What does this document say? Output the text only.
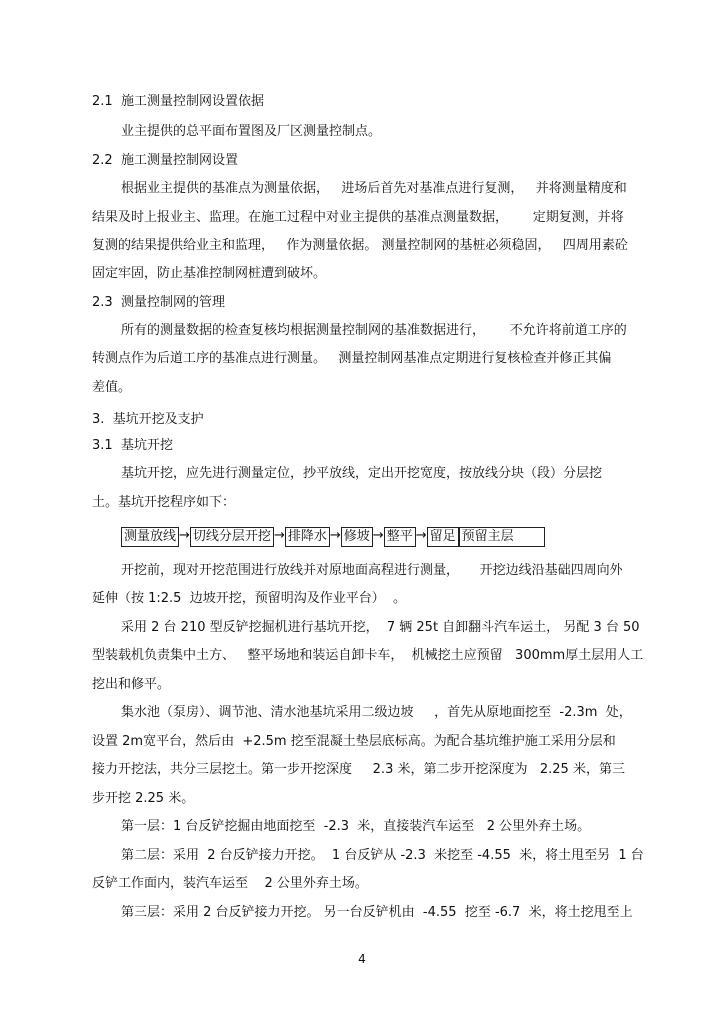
2.1  施工测量控制网设置依据
业主提供的总平面布置图及厂区测量控制点。
2.2  施工测量控制网设置
根据业主提供的基准点为测量依据，   进场后首先对基准点进行复测，   并将测量精度和
结果及时上报业主、监理。在施工过程中对业主提供的基准点测量数据，      定期复测，并将
复测的结果提供给业主和监理，   作为测量依据。 测量控制网的基桩必须稳固，   四周用素砼
固定牢固，防止基准控制网桩遭到破坏。
2.3  测量控制网的管理
所有的测量数据的检查复核均根据测量控制网的基准数据进行，      不允许将前道工序的
转测点作为后道工序的基准点进行测量。   测量控制网基准点定期进行复核检查并修正其偏
差值。
3.  基坑开挖及支护
3.1  基坑开挖
基坑开挖，应先进行测量定位，抄平放线，定出开挖宽度，按放线分块（段）分层挖
土。基坑开挖程序如下：
测量放线 → 切线分层开挖 → 排降水 → 修坡 → 整平 → 留足 预留主层
开挖前，现对开挖范围进行放线并对原地面高程进行测量，     开挖边线沿基础四周向外
延伸（按 1:2.5  边坡开挖，预留明沟及作业平台）  。
采用 2 台 210 型反铲挖掘机进行基坑开挖，  7 辆 25t 自卸翻斗汽车运土， 另配 3 台 50
型装载机负责集中土方、   整平场地和装运自卸卡车，  机械挖土应预留   300mm厚土层用人工
挖出和修平。
集水池（泵房）、调节池、清水池基坑采用二级边坡     ，首先从原地面挖至  -2.3m  处，
设置 2m宽平台，然后由  +2.5m 挖至混凝土垫层底标高。为配合基坑维护施工采用分层和
接力开挖法，共分三层挖土。第一步开挖深度     2.3 米，第二步开挖深度为   2.25 米，第三
步开挖 2.25 米。
第一层：1 台反铲挖掘由地面挖至  -2.3  米，直接装汽车运至   2 公里外弃土场。
第二层：采用  2 台反铲接力开挖。  1 台反铲从 -2.3  米挖至 -4.55  米，将土甩至另  1 台
反铲工作面内，装汽车运至    2 公里外弃土场。
第三层：采用 2 台反铲接力开挖。 另一台反铲机由  -4.55  挖至 -6.7  米，将土挖甩至上
4
